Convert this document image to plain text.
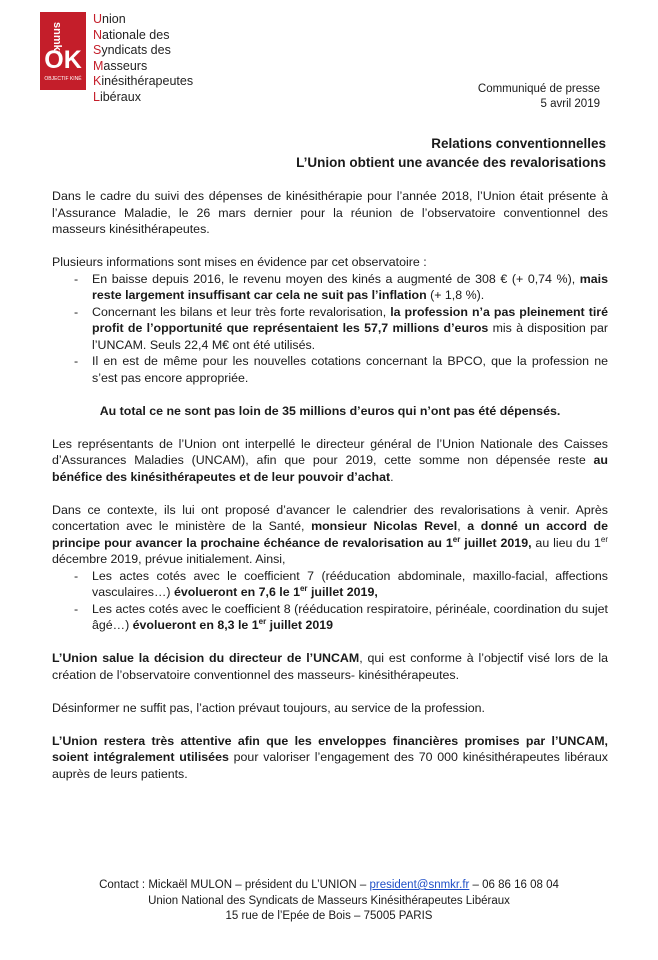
snmkr
OK
OBJECTIF KINÉ
Union
Nationale des
Syndicats des
Masseurs
Kinésithérapeutes
Libéraux
Communiqué de presse
5 avril 2019
Relations conventionnelles
L’Union obtient une avancée des revalorisations

Dans le cadre du suivi des dépenses de kinésithérapie pour l’année 2018, l’Union était présente à l’Assurance Maladie, le 26 mars dernier pour la réunion de l’observatoire conventionnel des masseurs kinésithérapeutes.

Plusieurs informations sont mises en évidence par cet observatoire :
- En baisse depuis 2016, le revenu moyen des kinés a augmenté de 308 € (+ 0,74 %), mais reste largement insuffisant car cela ne suit pas l’inflation (+ 1,8 %).
- Concernant les bilans et leur très forte revalorisation, la profession n’a pas pleinement tiré profit de l’opportunité que représentaient les 57,7 millions d’euros mis à disposition par l’UNCAM. Seuls 22,4 M€ ont été utilisés.
- Il en est de même pour les nouvelles cotations concernant la BPCO, que la profession ne s’est pas encore appropriée.

Au total ce ne sont pas loin de 35 millions d’euros qui n’ont pas été dépensés.

Les représentants de l’Union ont interpellé le directeur général de l’Union Nationale des Caisses d’Assurances Maladies (UNCAM), afin que pour 2019, cette somme non dépensée reste au bénéfice des kinésithérapeutes et de leur pouvoir d’achat.

Dans ce contexte, ils lui ont proposé d’avancer le calendrier des revalorisations à venir. Après concertation avec le ministère de la Santé, monsieur Nicolas Revel, a donné un accord de principe pour avancer la prochaine échéance de revalorisation au 1er juillet 2019, au lieu du 1er décembre 2019, prévue initialement. Ainsi,
- Les actes cotés avec le coefficient 7 (rééducation abdominale, maxillo-facial, affections vasculaires…) évolueront en 7,6 le 1er juillet 2019,
- Les actes cotés avec le coefficient 8 (rééducation respiratoire, périnéale, coordination du sujet âgé…) évolueront en 8,3 le 1er juillet 2019

L’Union salue la décision du directeur de l’UNCAM, qui est conforme à l’objectif visé lors de la création de l’observatoire conventionnel des masseurs- kinésithérapeutes.

Désinformer ne suffit pas, l’action prévaut toujours, au service de la profession.

L’Union restera très attentive afin que les enveloppes financières promises par l’UNCAM, soient intégralement utilisées pour valoriser l’engagement des 70 000 kinésithérapeutes libéraux auprès de leurs patients.

Contact : Mickaël MULON – président du L’UNION – president@snmkr.fr – 06 86 16 08 04
Union National des Syndicats de Masseurs Kinésithérapeutes Libéraux
15 rue de l’Epée de Bois – 75005 PARIS
